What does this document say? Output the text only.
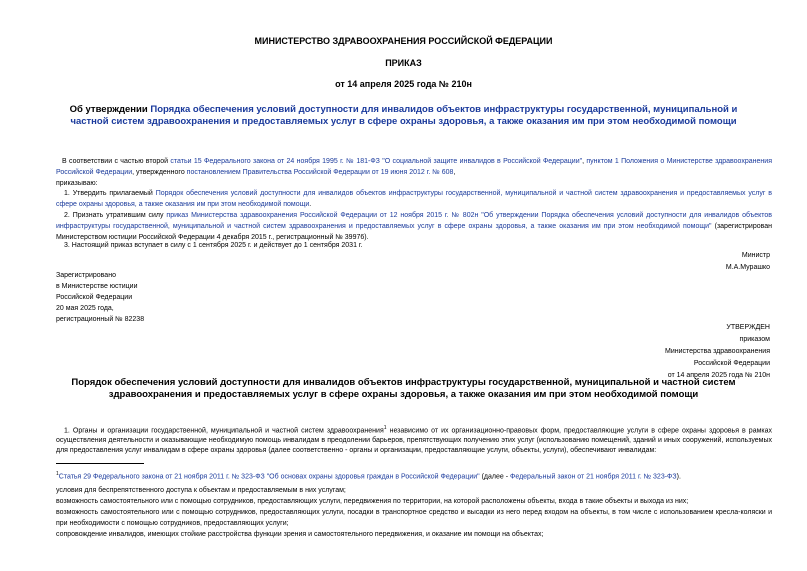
МИНИСТЕРСТВО ЗДРАВООХРАНЕНИЯ РОССИЙСКОЙ ФЕДЕРАЦИИ
ПРИКАЗ
от 14 апреля 2025 года № 210н
Об утверждении Порядка обеспечения условий доступности для инвалидов объектов инфраструктуры государственной, муниципальной и частной систем здравоохранения и предоставляемых услуг в сфере охраны здоровья, а также оказания им при этом необходимой помощи
В соответствии с частью второй статьи 15 Федерального закона от 24 ноября 1995 г. № 181-ФЗ "О социальной защите инвалидов в Российской Федерации", пунктом 1 Положения о Министерстве здравоохранения Российской Федерации, утвержденного постановлением Правительства Российской Федерации от 19 июня 2012 г. № 608,
приказываю:
1. Утвердить прилагаемый Порядок обеспечения условий доступности для инвалидов объектов инфраструктуры государственной, муниципальной и частной систем здравоохранения и предоставляемых услуг в сфере охраны здоровья, а также оказания им при этом необходимой помощи.
2. Признать утратившим силу приказ Министерства здравоохранения Российской Федерации от 12 ноября 2015 г. № 802н "Об утверждении Порядка обеспечения условий доступности для инвалидов объектов инфраструктуры государственной, муниципальной и частной систем здравоохранения и предоставляемых услуг в сфере охраны здоровья, а также оказания им при этом необходимой помощи" (зарегистрирован Министерством юстиции Российской Федерации 4 декабря 2015 г., регистрационный № 39976).
3. Настоящий приказ вступает в силу с 1 сентября 2025 г. и действует до 1 сентября 2031 г.
Министр
М.А.Мурашко
Зарегистрировано
в Министерстве юстиции
Российской Федерации
20 мая 2025 года,
регистрационный № 82238
УТВЕРЖДЕН
приказом
Министерства здравоохранения
Российской Федерации
от 14 апреля 2025 года № 210н
Порядок обеспечения условий доступности для инвалидов объектов инфраструктуры государственной, муниципальной и частной систем здравоохранения и предоставляемых услуг в сфере охраны здоровья, а также оказания им при этом необходимой помощи
1. Органы и организации государственной, муниципальной и частной систем здравоохранения$^1$ независимо от их организационно-правовых форм, предоставляющие услуги в сфере охраны здоровья в рамках осуществления деятельности и оказывающие необходимую помощь инвалидам в преодолении барьеров, препятствующих получению этих услуг (использованию помещений, зданий и иных сооружений, используемых для предоставления услуг инвалидам в сфере охраны здоровья (далее соответственно - органы и организации, предоставляющие услуги, объекты, услуги), обеспечивают инвалидам:
$^1$Статья 29 Федерального закона от 21 ноября 2011 г. № 323-ФЗ "Об основах охраны здоровья граждан в Российской Федерации" (далее - Федеральный закон от 21 ноября 2011 г. № 323-ФЗ).
условия для беспрепятственного доступа к объектам и предоставляемым в них услугам;
возможность самостоятельного или с помощью сотрудников, предоставляющих услуги, передвижения по территории, на которой расположены объекты, входа в такие объекты и выхода из них;
возможность самостоятельного или с помощью сотрудников, предоставляющих услуги, посадки в транспортное средство и высадки из него перед входом на объекты, в том числе с использованием кресла-коляски и при необходимости с помощью сотрудников, предоставляющих услуги;
сопровождение инвалидов, имеющих стойкие расстройства функции зрения и самостоятельного передвижения, и оказание им помощи на объектах;
